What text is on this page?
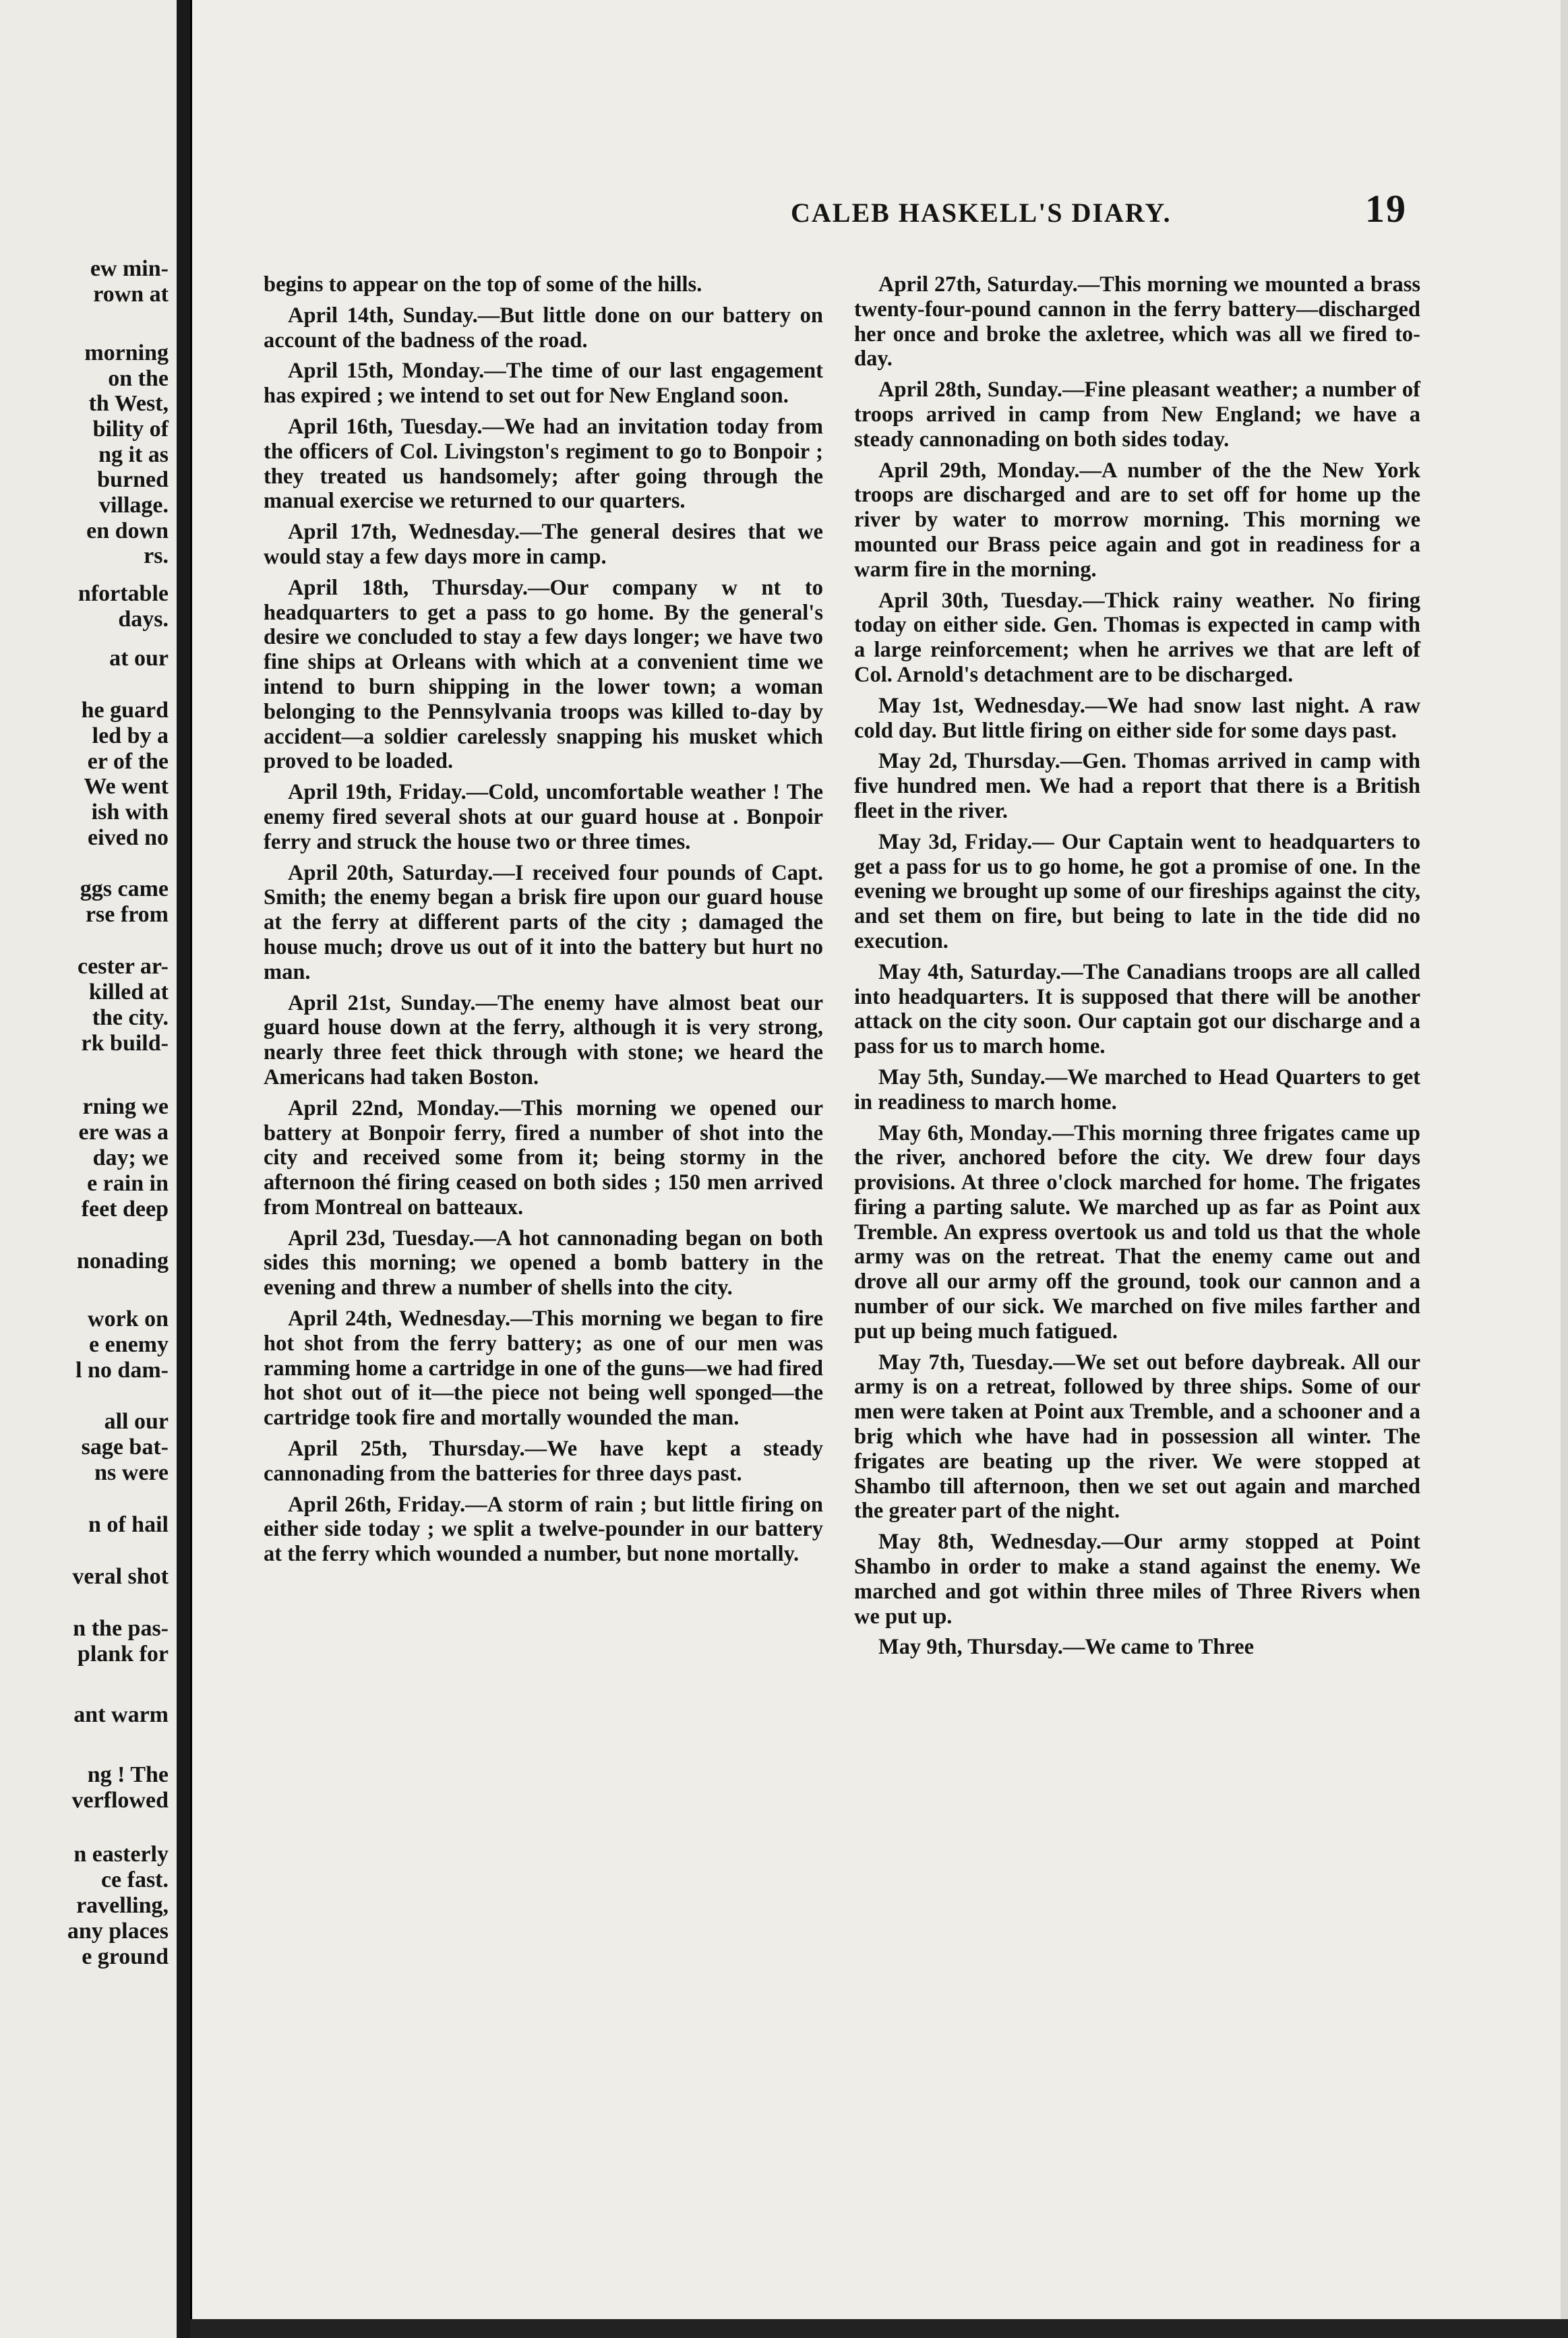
ew min-
rown at
morning
on the
th West,
bility of
ng it as
burned
village.
en down
rs.
nfortable
days.
at our
he guard
led by a
er of the
We went
ish with
eived no
ggs came
rse from
cester ar-
killed at
the city.
rk build-
rning we
ere was a
day; we
e rain in
feet deep
nonading
work on
e enemy
l no dam-
all our
sage bat-
ns were
n of hail
veral shot
n the pas-
plank for
ant warm
ng ! The
verflowed
n easterly
ce fast.
ravelling,
any places
e ground
CALEB HASKELL'S DIARY.	19

begins to appear on the top of some of the hills.

April 14th, Sunday.—But little done on our battery on account of the badness of the road.

April 15th, Monday.—The time of our last engagement has expired ; we intend to set out for New England soon.

April 16th, Tuesday.—We had an invitation today from the officers of Col. Livingston's regiment to go to Bonpoir ; they treated us handsomely; after going through the manual exercise we returned to our quarters.

April 17th, Wednesday.—The general desires that we would stay a few days more in camp.

April 18th, Thursday.—Our company w nt to headquarters to get a pass to go home. By the general's desire we concluded to stay a few days longer; we have two fine ships at Orleans with which at a convenient time we intend to burn shipping in the lower town; a woman belonging to the Pennsylvania troops was killed to-day by accident—a soldier carelessly snapping his musket which proved to be loaded.

April 19th, Friday.—Cold, uncomfortable weather ! The enemy fired several shots at our guard house at . Bonpoir ferry and struck the house two or three times.

April 20th, Saturday.—I received four pounds of Capt. Smith; the enemy began a brisk fire upon our guard house at the ferry at different parts of the city ; damaged the house much; drove us out of it into the battery but hurt no man.

April 21st, Sunday.—The enemy have almost beat our guard house down at the ferry, although it is very strong, nearly three feet thick through with stone; we heard the Americans had taken Boston.

April 22nd, Monday.—This morning we opened our battery at Bonpoir ferry, fired a number of shot into the city and received some from it; being stormy in the afternoon thé firing ceased on both sides ; 150 men arrived from Montreal on batteaux.

April 23d, Tuesday.—A hot cannonading began on both sides this morning; we opened a bomb battery in the evening and threw a number of shells into the city.

April 24th, Wednesday.—This morning we began to fire hot shot from the ferry battery; as one of our men was ramming home a cartridge in one of the guns—we had fired hot shot out of it—the piece not being well sponged—the cartridge took fire and mortally wounded the man.

April 25th, Thursday.—We have kept a steady cannonading from the batteries for three days past.

April 26th, Friday.—A storm of rain ; but little firing on either side today ; we split a twelve-pounder in our battery at the ferry which wounded a number, but none mortally.

April 27th, Saturday.—This morning we mounted a brass twenty-four-pound cannon in the ferry battery—discharged her once and broke the axletree, which was all we fired to-day.

April 28th, Sunday.—Fine pleasant weather; a number of troops arrived in camp from New England; we have a steady cannonading on both sides today.

April 29th, Monday.—A number of the the New York troops are discharged and are to set off for home up the river by water to morrow morning. This morning we mounted our Brass peice again and got in readiness for a warm fire in the morning.

April 30th, Tuesday.—Thick rainy weather. No firing today on either side. Gen. Thomas is expected in camp with a large reinforcement; when he arrives we that are left of Col. Arnold's detachment are to be discharged.

May 1st, Wednesday.—We had snow last night. A raw cold day. But little firing on either side for some days past.

May 2d, Thursday.—Gen. Thomas arrived in camp with five hundred men. We had a report that there is a British fleet in the river.

May 3d, Friday.— Our Captain went to headquarters to get a pass for us to go home, he got a promise of one. In the evening we brought up some of our fireships against the city, and set them on fire, but being to late in the tide did no execution.

May 4th, Saturday.—The Canadians troops are all called into headquarters. It is supposed that there will be another attack on the city soon. Our captain got our discharge and a pass for us to march home.

May 5th, Sunday.—We marched to Head Quarters to get in readiness to march home.

May 6th, Monday.—This morning three frigates came up the river, anchored before the city. We drew four days provisions. At three o'clock marched for home. The frigates firing a parting salute. We marched up as far as Point aux Tremble. An express overtook us and told us that the whole army was on the retreat. That the enemy came out and drove all our army off the ground, took our cannon and a number of our sick. We marched on five miles farther and put up being much fatigued.

May 7th, Tuesday.—We set out before daybreak. All our army is on a retreat, followed by three ships. Some of our men were taken at Point aux Tremble, and a schooner and a brig which whe have had in possession all winter. The frigates are beating up the river. We were stopped at Shambo till afternoon, then we set out again and marched the greater part of the night.

May 8th, Wednesday.—Our army stopped at Point Shambo in order to make a stand against the enemy. We marched and got within three miles of Three Rivers when we put up.

May 9th, Thursday.—We came to Three
